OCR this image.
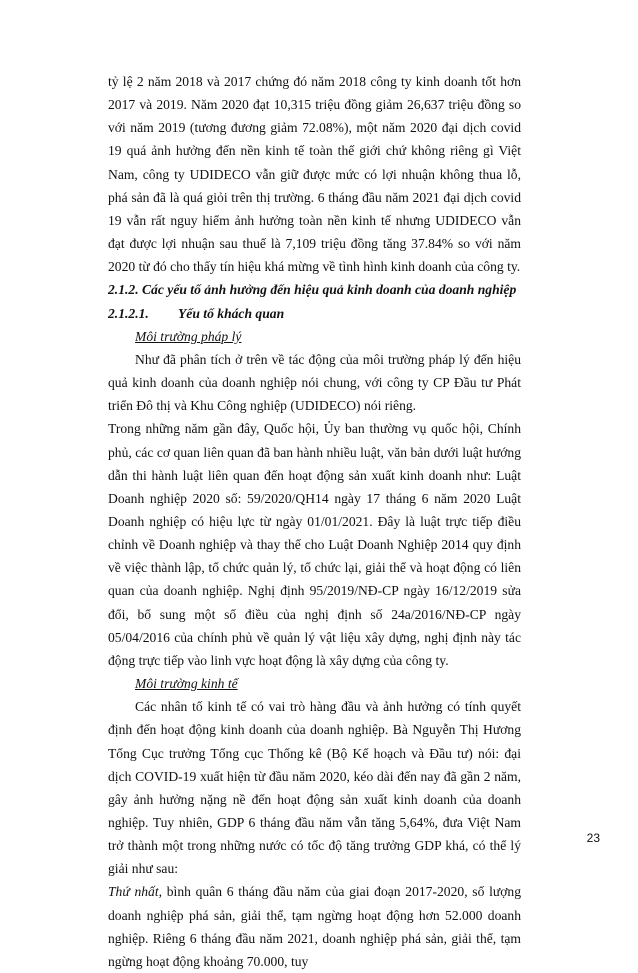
tỷ lệ 2 năm 2018 và 2017 chứng đó năm 2018 công ty kinh doanh tốt hơn 2017 và 2019. Năm 2020 đạt 10,315 triệu đồng giảm 26,637 triệu đồng so với năm 2019 (tương đương giảm 72.08%), một năm 2020 đại dịch covid 19 quá ảnh hưởng đến nền kinh tế toàn thế giới chứ không riêng gì Việt Nam, công ty UDIDECO vẫn giữ được mức có lợi nhuận không thua lỗ, phá sản đã là quá giỏi trên thị trường. 6 tháng đầu năm 2021 đại dịch covid 19 vẫn rất nguy hiểm ảnh hưởng toàn nền kinh tế nhưng UDIDECO vẫn đạt được lợi nhuận sau thuế là 7,109 triệu đồng tăng 37.84% so với năm 2020 từ đó cho thấy tín hiệu khá mừng về tình hình kinh doanh của công ty.

2.1.2. Các yếu tố ảnh hưởng đến hiệu quả kinh doanh của doanh nghiệp

2.1.2.1.	Yếu tố khách quan

Môi trường pháp lý

Như đã phân tích ở trên về tác động của môi trường pháp lý đến hiệu quả kinh doanh của doanh nghiệp nói chung, với công ty CP Đầu tư Phát triển Đô thị và Khu Công nghiệp (UDIDECO) nói riêng.

Trong những năm gần đây, Quốc hội, Ủy ban thường vụ quốc hội, Chính phủ, các cơ quan liên quan đã ban hành nhiều luật, văn bản dưới luật hướng dẫn thi hành luật liên quan đến hoạt động sản xuất kinh doanh như: Luật Doanh nghiệp 2020 số: 59/2020/QH14 ngày 17 tháng 6 năm 2020 Luật Doanh nghiệp có hiệu lực từ ngày 01/01/2021. Đây là luật trực tiếp điều chỉnh về Doanh nghiệp và thay thế cho Luật Doanh Nghiệp 2014 quy định về việc thành lập, tổ chức quản lý, tổ chức lại, giải thể và hoạt động có liên quan của doanh nghiệp. Nghị định 95/2019/NĐ-CP ngày 16/12/2019 sửa đổi, bổ sung một số điều của nghị định số 24a/2016/NĐ-CP ngày 05/04/2016 của chính phủ về quản lý vật liệu xây dựng, nghị định này tác động trực tiếp vào linh vực hoạt động là xây dựng của công ty.

Môi trường kinh tế

Các nhân tố kinh tế có vai trò hàng đầu và ảnh hưởng có tính quyết định đến hoạt động kinh doanh của doanh nghiệp. Bà Nguyễn Thị Hương Tổng Cục trưởng Tổng cục Thống kê (Bộ Kế hoạch và Đầu tư) nói: đại dịch COVID-19 xuất hiện từ đầu năm 2020, kéo dài đến nay đã gần 2 năm, gây ảnh hưởng nặng nề đến hoạt động sản xuất kinh doanh của doanh nghiệp. Tuy nhiên, GDP 6 tháng đầu năm vẫn tăng 5,64%, đưa Việt Nam trở thành một trong những nước có tốc độ tăng trưởng GDP khá, có thể lý giải như sau:

Thứ nhất, bình quân 6 tháng đầu năm của giai đoạn 2017-2020, số lượng doanh nghiệp phá sản, giải thể, tạm ngừng hoạt động hơn 52.000 doanh nghiệp. Riêng 6 tháng đầu năm 2021, doanh nghiệp phá sản, giải thể, tạm ngừng hoạt động khoảng 70.000, tuy

23
